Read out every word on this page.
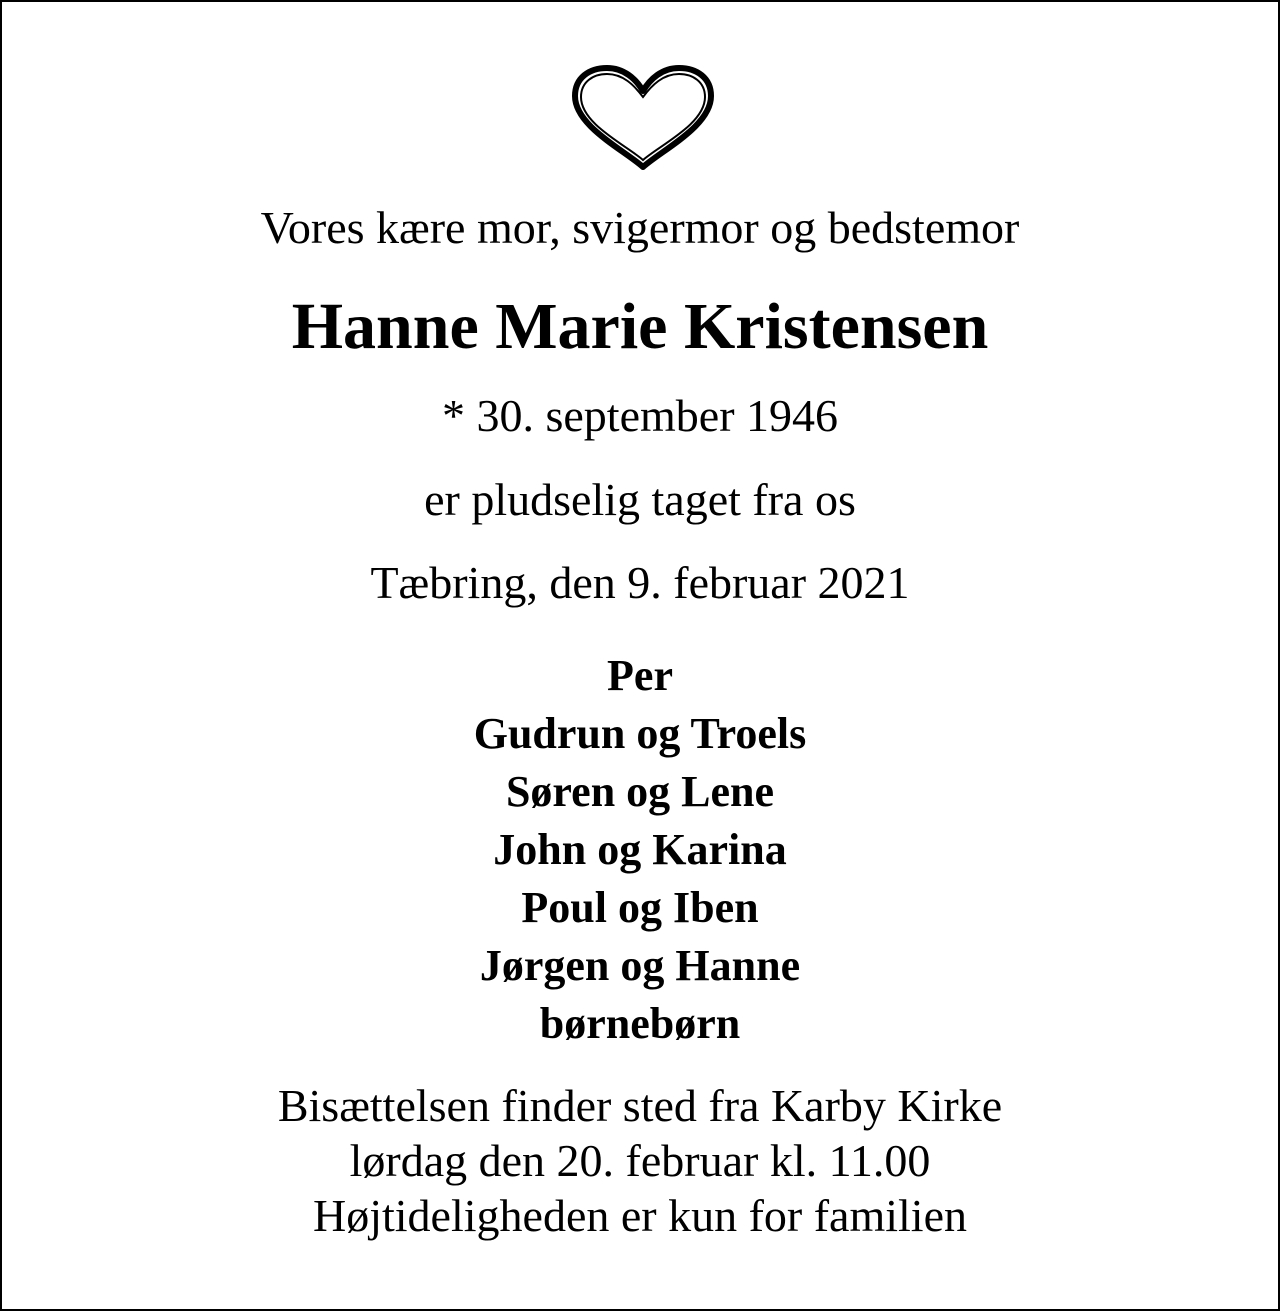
Vores kære mor, svigermor og bedstemor
Hanne Marie Kristensen
* 30. september 1946
er pludselig taget fra os
Tæbring, den 9. februar 2021
Per
Gudrun og Troels
Søren og Lene
John og Karina
Poul og Iben
Jørgen og Hanne
børnebørn
Bisættelsen finder sted fra Karby Kirke
lørdag den 20. februar kl. 11.00
Højtideligheden er kun for familien
